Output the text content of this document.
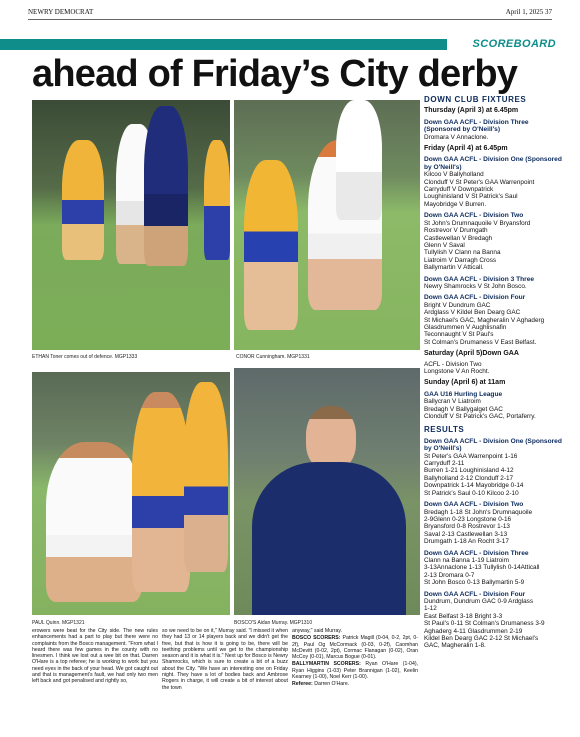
NEWRY DEMOCRAT	April 1, 2025 37
SCOREBOARD
ahead of Friday’s City derby
ETHAN Toner comes out of defence. MGP1333	CONOR Cunningham. MGP1331
PAUL Quinn. MGP1321	BOSCO'S Aidan Murray. MGP1310
DOWN CLUB FIXTURES
Thursday (April 3) at 6.45pm
Down GAA ACFL - Division Three (Sponsored by O'Neill's)
Dromara V Annaclone.
Friday (April 4) at 6.45pm
Down GAA ACFL - Division One (Sponsored by O'Neill's)
Kilcoo V Ballyholland
Clonduff V St Peter's GAA Warrenpoint
Carryduff V Downpatrick
Loughinisland V St Patrick's Saul
Mayobridge V Burren.
Down GAA ACFL - Division Two
St John's Drumnaquoile V Bryansford
Rostrevor V Drumgath
Castlewellan V Bredagh
Glenn V Saval
Tullylish V Clann na Banna
Liatroim V Darragh Cross
Ballymartin V Atticall.
Down GAA ACFL - Division 3 Three
Newry Shamrocks V St John Bosco.
Down GAA ACFL - Division Four
Bright V Dundrum GAC
Ardglass V Kildel Ben Dearg GAC
St Michael's GAC, Magheralin V Aghaderg
Glasdrummen V Aughlisnafin
Teconnaught V St Paul's
St Colman's Drumaness V East Belfast.
Saturday (April 5)Down GAA
ACFL - Division Two
Longstone V An Rocht.
Sunday (April 6) at 11am
GAA U16 Hurling League
Ballycran V Liatroim
Bredagh V Ballygalget GAC
Clonduff V St Patrick's GAC, Portaferry.
RESULTS
Down GAA ACFL - Division One (Sponsored by O'Neill's)
St Peter's GAA Warrenpoint 1-16
Carryduff 2-11
Burren 1-21 Loughinisland 4-12
Ballyholland 2-12 Clonduff 2-17
Downpatrick 1-14 Mayobridge 0-14
St Patrick's Saul 0-10 Kilcoo 2-10
Down GAA ACFL - Division Two
Bredagh 1-18 St John's Drumnaquoile
2-9Glenn 0-23 Longstone 0-16
Bryansford 0-8 Rostrevor 1-13
Saval 2-13 Castlewellan 3-13
Drumgath 1-18 An Rocht 3-17
Down GAA ACFL - Division Three
Clann na Banna 1-19 Liatroim
3-13Annaclone 1-13 Tullylish 0-14Atticall
2-13 Dromara 0-7
St John Bosco 0-13 Ballymartin 5-9
Down GAA ACFL - Division Four
Dundrum, Dundrum GAC 0-9 Ardglass
1-12
East Belfast 3-18 Bright 3-3
St Paul's 0-11 St Colman's Drumaness 3-9
Aghaderg 4-11 Glasdrummen 2-19
Kildel Ben Dearg GAC 2-12 St Michael's
GAC, Magheralin 1-8.

erowers were beat for the City side. The new rules enhancements had a part to play but there were no complaints from the Bosco management. "From what I heard there was few games in the county with no linesmen. I think we lost out a wee bit on that. Darren O'Hare is a top referee; he is working to work but you need eyes in the back of your head. We got caught out and that is management's fault, we had only two men left back and got penalised and rightly so,

so we need to be on it," Murray said. "I missed it when they had 13 or 14 players back and we didn't get the free, but that is how it is going to be, there will be teething problems until we get to the championship season and it is what it is." Next up for Bosco is Newry Shamrocks, which is sure to create a bit of a buzz about the City. "We have an interesting one on Friday night. They have a lot of bodies back and Ambrose Rogers in charge, it will create a bit of interest about the town

anyway," said Murray.

BOSCO SCORERS: Patrick Magill (0-04, 0-2, 2pt, 0-2f), Paul Og McCormack (0-03, 0-2f), Caomhan McDevitt (0-02, 2pt), Cormac Flanagan (0-02), Oran McCoy (0-01), Marcus Bogue (0-01).

BALLYMARTIN SCORERS: Ryan O'Hare (1-04), Ryan Higgins (1-03) Peter Brannigan (1-02), Keelin Kearney (1-00), Noel Kerr (1-00).

Referee: Darren O'Hare.
